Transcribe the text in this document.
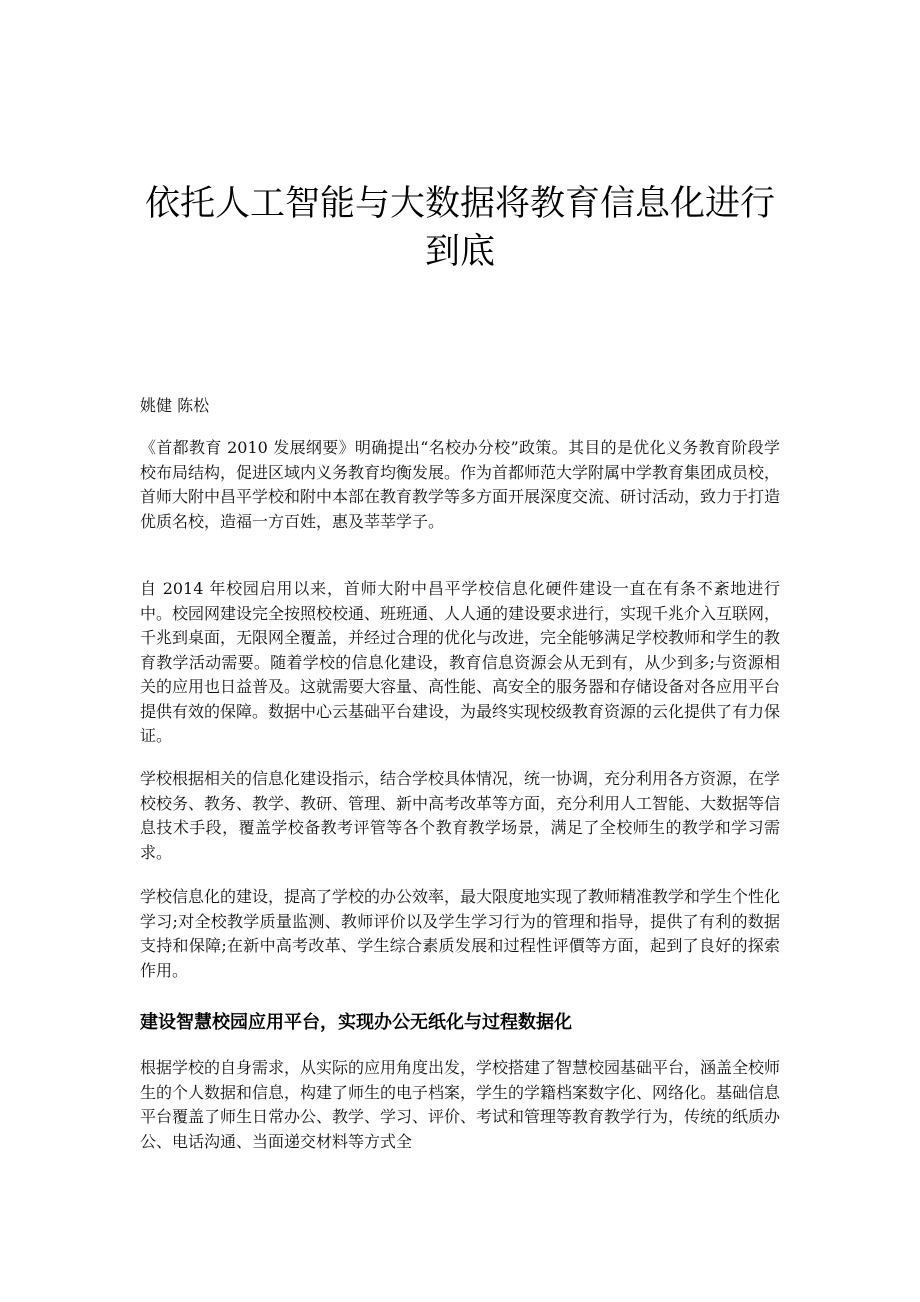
依托人工智能与大数据将教育信息化进行到底

姚健 陈松

《首都教育 2010 发展纲要》明确提出“名校办分校”政策。其目的是优化义务教育阶段学校布局结构，促进区域内义务教育均衡发展。作为首都师范大学附属中学教育集团成员校，首师大附中昌平学校和附中本部在教育教学等多方面开展深度交流、研讨活动，致力于打造优质名校，造福一方百姓，惠及莘莘学子。

自 2014 年校园启用以来，首师大附中昌平学校信息化硬件建设一直在有条不紊地进行中。校园网建设完全按照校校通、班班通、人人通的建设要求进行，实现千兆介入互联网，千兆到桌面，无限网全覆盖，并经过合理的优化与改进，完全能够满足学校教师和学生的教育教学活动需要。随着学校的信息化建设，教育信息资源会从无到有，从少到多;与资源相关的应用也日益普及。这就需要大容量、高性能、高安全的服务器和存储设备对各应用平台提供有效的保障。数据中心云基础平台建设，为最终实现校级教育资源的云化提供了有力保证。

学校根据相关的信息化建设指示，结合学校具体情况，统一协调，充分利用各方资源，在学校校务、教务、教学、教研、管理、新中高考改革等方面，充分利用人工智能、大数据等信息技术手段，覆盖学校备教考评管等各个教育教学场景，满足了全校师生的教学和学习需求。

学校信息化的建设，提高了学校的办公效率，最大限度地实现了教师精准教学和学生个性化学习;对全校教学质量监测、教师评价以及学生学习行为的管理和指导，提供了有利的数据支持和保障;在新中高考改革、学生综合素质发展和过程性评價等方面，起到了良好的探索作用。

建设智慧校园应用平台，实现办公无纸化与过程数据化

根据学校的自身需求，从实际的应用角度出发，学校搭建了智慧校园基础平台，涵盖全校师生的个人数据和信息，构建了师生的电子档案，学生的学籍档案数字化、网络化。基础信息平台覆盖了师生日常办公、教学、学习、评价、考试和管理等教育教学行为，传统的纸质办公、电话沟通、当面递交材料等方式全
